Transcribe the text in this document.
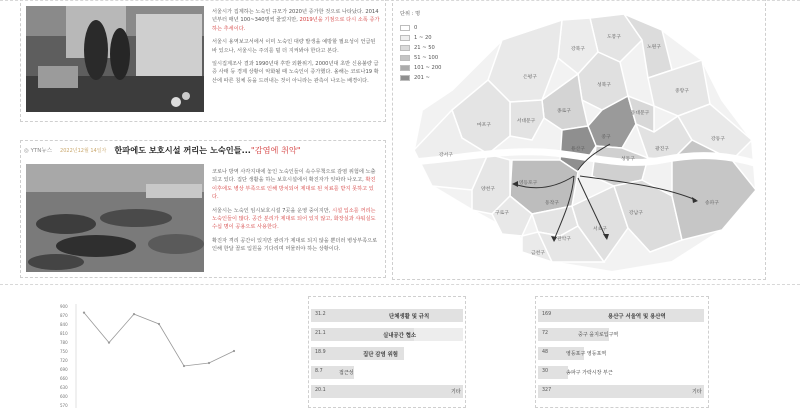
서울시가 집계하는 노숙인 규모가 2020년 증가한 것으로 나타났다. 2014년부터 매년 100~340명씩 줄었지만, 2019년을 기점으로 다시 소폭 증가하는 추세이다.

서울시 용역보고서에서 이미 노숙인 대량 발생을 예방할 필요성이 언급된 바 있으나, 서울시는 주의를 덜 더 지켜봐야 한다고 본다.

일시집계조사 결과 1990년대 후반 외환위기, 2000년대 초반 신용불량 급증 사태 등 경제 상황이 악화될 때 노숙인이 증가했다. 올해는 코로나19 확산에 따른 침체 등을 드러내는 것이 아니라는 관측이 나오는 배경이다.

◎ YTN뉴스 2022년12월 14일자 한파에도 보호시설 꺼리는 노숙인들..."감염에 취약"

코로나 방역 사각지대에 놓인 노숙인들이 속수무책으로 감염 위험에 노출되고 있다. 집단 생활을 하는 보호시설에서 확진자가 잇따라 나오고, 확진 이후에도 병상 부족으로 인해 방치되어 제대로 된 치료를 받지 못하고 있다.

서울시는 노숙인 임시보호시설 7곳을 운영 중이지만, 시설 입소를 꺼리는 노숙인들이 많다. 공간 분리가 제대로 되어 있지 않고, 화장실과 샤워실도 수십 명이 공용으로 사용한다.

확진자 격리 공간이 있지만 관리가 제대로 되지 않을 뿐더러 병상부족으로 인해 한달 꼴로 입원을 기다리며 머물러야 하는 상황이다.

단위 : 명
0
1 ~ 20
21 ~ 50
51 ~ 100
101 ~ 200
201 ~
도봉구
노원구
강북구
은평구
성북구
중랑구
종로구
서대문구
동대문구
마포구
강서구
중구
성동구
광진구
강동구
용산구
영등포구
양천구
구로구
동작구
강남구
송파구
금천구
관악구
서초구
900
870
840
810
780
750
720
690
660
630
600
570
31.2	단체생활 및 규칙
21.1	실내공간 협소
18.9	집단 감염 위험
8.7	접근성
20.1	기타
169	용산구 서울역 및 용산역
72	중구 을지로입구역
48	영등포구 영등포역
30	송파구 가락시장 부근
327	기타
